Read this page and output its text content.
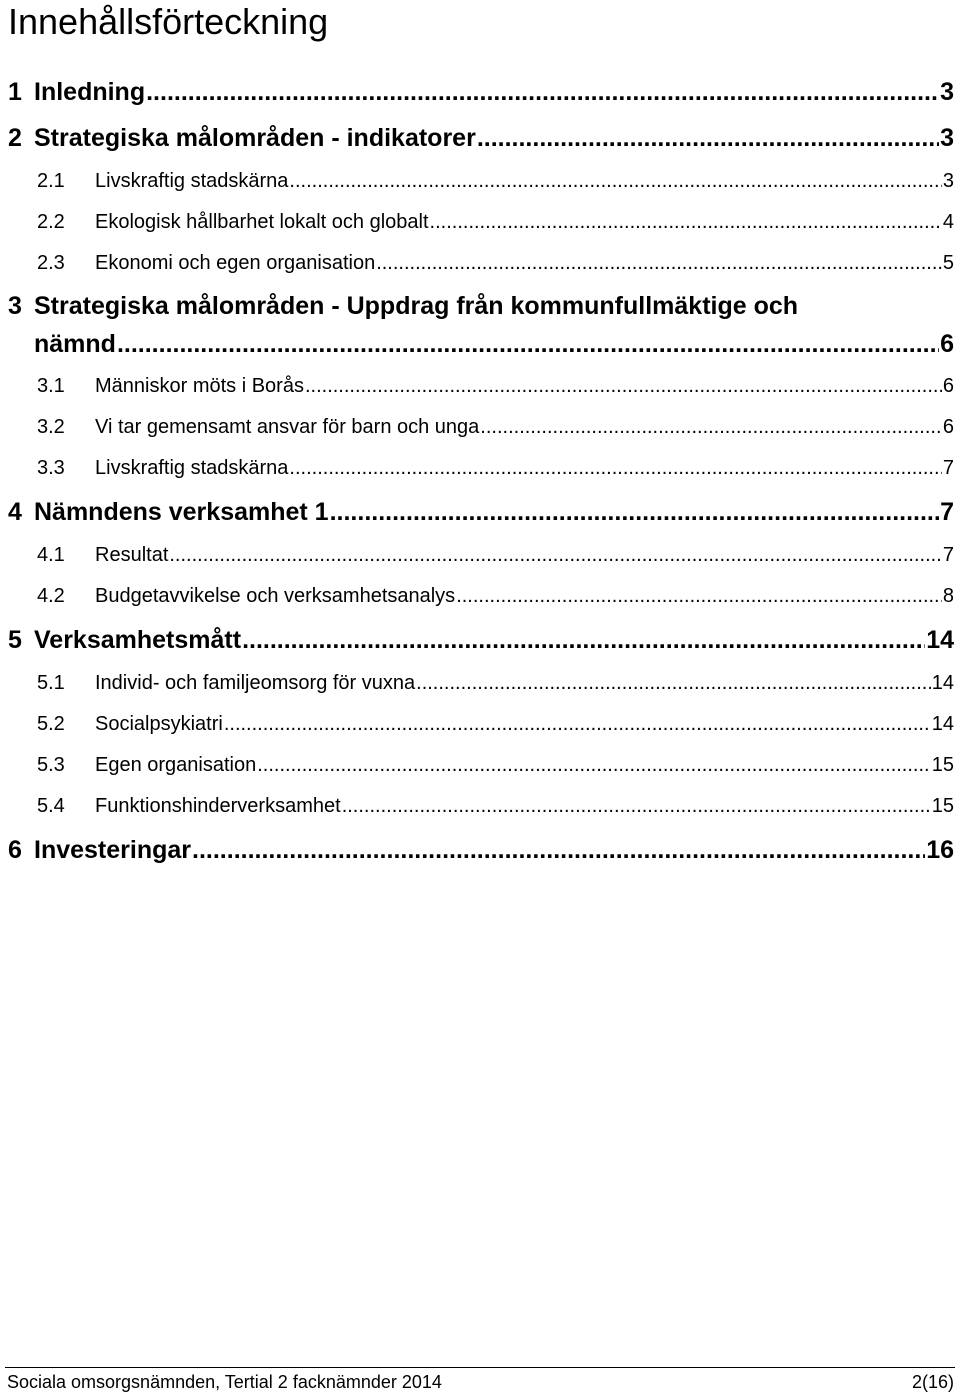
Innehållsförteckning
1 Inledning .....	3
2 Strategiska målområden - indikatorer .....	3
2.1	Livskraftig stadskärna .....	3
2.2	Ekologisk hållbarhet lokalt och globalt .....	4
2.3	Ekonomi och egen organisation .....	5
3 Strategiska målområden - Uppdrag från kommunfullmäktige och
nämnd .....	6
3.1	Människor möts i Borås .....	6
3.2	Vi tar gemensamt ansvar för barn och unga .....	6
3.3	Livskraftig stadskärna .....	7
4 Nämndens verksamhet 1 .....	7
4.1	Resultat .....	7
4.2	Budgetavvikelse och verksamhetsanalys .....	8
5 Verksamhetsmått .....	14
5.1	Individ- och familjeomsorg för vuxna .....	14
5.2	Socialpsykiatri .....	14
5.3	Egen organisation .....	15
5.4	Funktionshinderverksamhet .....	15
6 Investeringar .....	16
Sociala omsorgsnämnden, Tertial 2 facknämnder 2014	2(16)
